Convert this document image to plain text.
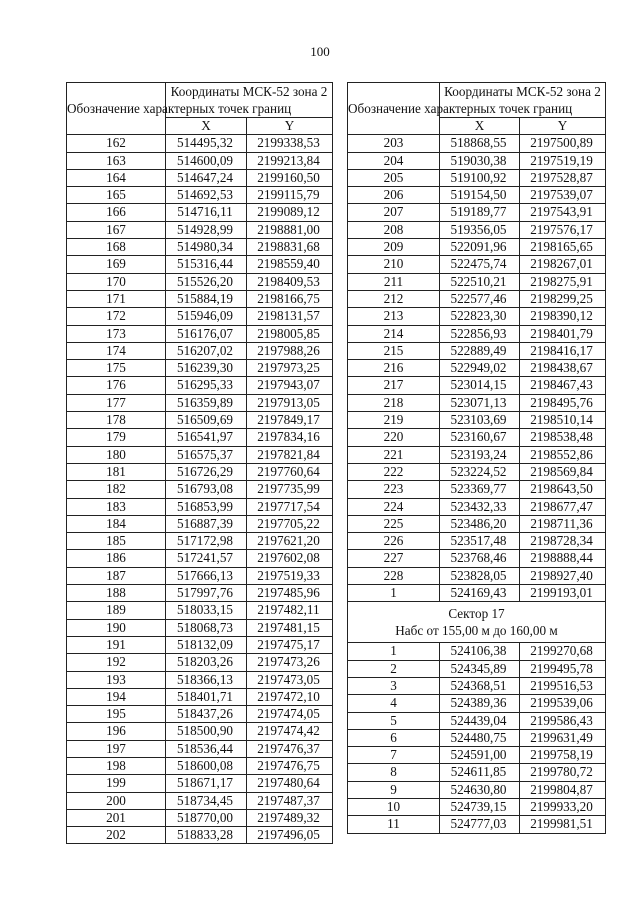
100
Обозначение характерных точек границ	Координаты МСК-52 зона 2	
	X	Y
162	514495,32	2199338,53
163	514600,09	2199213,84
164	514647,24	2199160,50
165	514692,53	2199115,79
166	514716,11	2199089,12
167	514928,99	2198881,00
168	514980,34	2198831,68
169	515316,44	2198559,40
170	515526,20	2198409,53
171	515884,19	2198166,75
172	515946,09	2198131,57
173	516176,07	2198005,85
174	516207,02	2197988,26
175	516239,30	2197973,25
176	516295,33	2197943,07
177	516359,89	2197913,05
178	516509,69	2197849,17
179	516541,97	2197834,16
180	516575,37	2197821,84
181	516726,29	2197760,64
182	516793,08	2197735,99
183	516853,99	2197717,54
184	516887,39	2197705,22
185	517172,98	2197621,20
186	517241,57	2197602,08
187	517666,13	2197519,33
188	517997,76	2197485,96
189	518033,15	2197482,11
190	518068,73	2197481,15
191	518132,09	2197475,17
192	518203,26	2197473,26
193	518366,13	2197473,05
194	518401,71	2197472,10
195	518437,26	2197474,05
196	518500,90	2197474,42
197	518536,44	2197476,37
198	518600,08	2197476,75
199	518671,17	2197480,64
200	518734,45	2197487,37
201	518770,00	2197489,32
202	518833,28	2197496,05
Обозначение характерных точек границ	Координаты МСК-52 зона 2	
	X	Y
203	518868,55	2197500,89
204	519030,38	2197519,19
205	519100,92	2197528,87
206	519154,50	2197539,07
207	519189,77	2197543,91
208	519356,05	2197576,17
209	522091,96	2198165,65
210	522475,74	2198267,01
211	522510,21	2198275,91
212	522577,46	2198299,25
213	522823,30	2198390,12
214	522856,93	2198401,79
215	522889,49	2198416,17
216	522949,02	2198438,67
217	523014,15	2198467,43
218	523071,13	2198495,76
219	523103,69	2198510,14
220	523160,67	2198538,48
221	523193,24	2198552,86
222	523224,52	2198569,84
223	523369,77	2198643,50
224	523432,33	2198677,47
225	523486,20	2198711,36
226	523517,48	2198728,34
227	523768,46	2198888,44
228	523828,05	2198927,40
1	524169,43	2199193,01

Сектор 17
Набс от 155,00 м до 160,00 м		

1	524106,38	2199270,68
2	524345,89	2199495,78
3	524368,51	2199516,53
4	524389,36	2199539,06
5	524439,04	2199586,43
6	524480,75	2199631,49
7	524591,00	2199758,19
8	524611,85	2199780,72
9	524630,80	2199804,87
10	524739,15	2199933,20
11	524777,03	2199981,51
